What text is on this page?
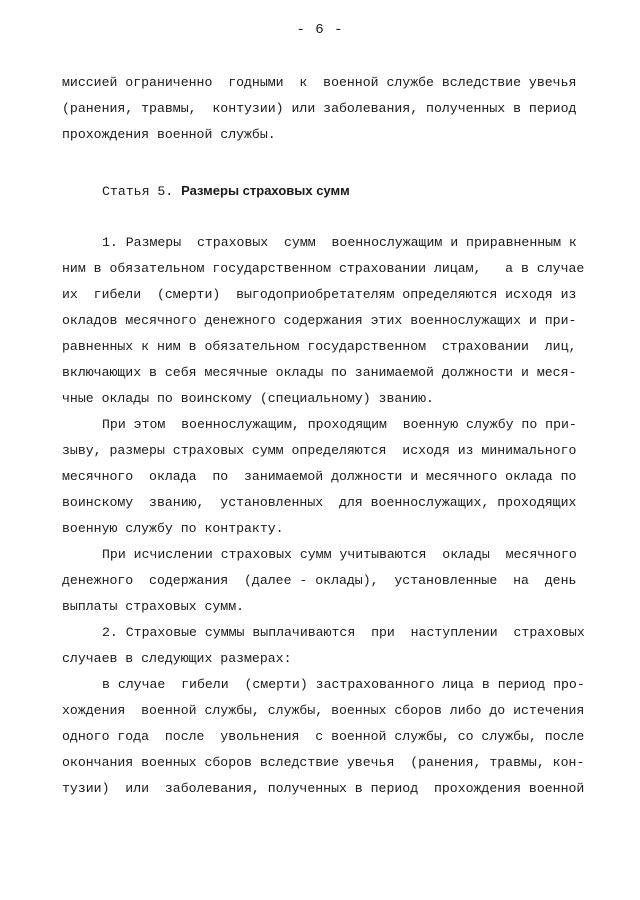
- 6 -
миссией ограниченно  годными  к  военной службе вследствие увечья
(ранения, травмы,  контузии) или заболевания, полученных в период
прохождения военной службы.
Статья 5. Размеры страховых сумм
1. Размеры  страховых  сумм  военнослужащим и приравненным к
ним в обязательном государственном страховании лицам,   а в случае
их  гибели  (смерти)  выгодоприобретателям определяются исходя из
окладов месячного денежного содержания этих военнослужащих и при-
равненных к ним в обязательном государственном  страховании  лиц,
включающих в себя месячные оклады по занимаемой должности и меся-
чные оклады по воинскому (специальному) званию.
При этом  военнослужащим, проходящим  военную службу по при-
зыву, размеры страховых сумм определяются  исходя из минимального
месячного  оклада  по  занимаемой должности и месячного оклада по
воинскому  званию,  установленных  для военнослужащих, проходящих
военную службу по контракту.
При исчислении страховых сумм учитываются  оклады  месячного
денежного  содержания  (далее - оклады),  установленные  на  день
выплаты страховых сумм.
2. Страховые суммы выплачиваются  при  наступлении  страховых
случаев в следующих размерах:
в случае  гибели  (смерти) застрахованного лица в период про-
хождения  военной службы, службы, военных сборов либо до истечения
одного года  после  увольнения  с военной службы, со службы, после
окончания военных сборов вследствие увечья  (ранения, травмы, кон-
тузии)  или  заболевания, полученных в период  прохождения военной
